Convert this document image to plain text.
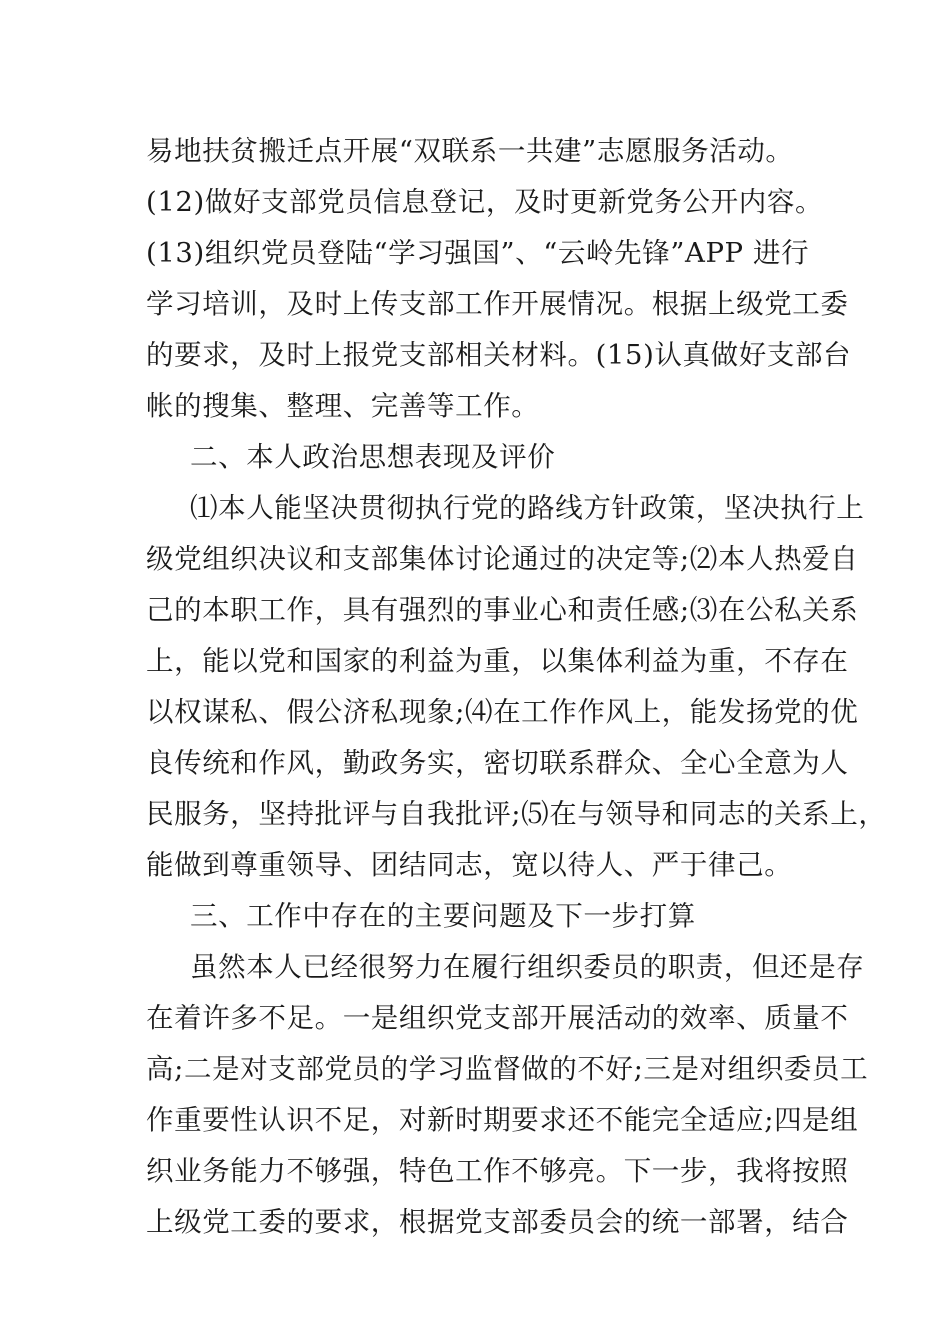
易地扶贫搬迁点开展“双联系一共建”志愿服务活动。
(12)做好支部党员信息登记，及时更新党务公开内容。
(13)组织党员登陆“学习强国”、“云岭先锋”APP 进行
学习培训，及时上传支部工作开展情况。根据上级党工委
的要求，及时上报党支部相关材料。(15)认真做好支部台
帐的搜集、整理、完善等工作。
二、本人政治思想表现及评价
⑴本人能坚决贯彻执行党的路线方针政策，坚决执行上
级党组织决议和支部集体讨论通过的决定等;⑵本人热爱自
己的本职工作，具有强烈的事业心和责任感;⑶在公私关系
上，能以党和国家的利益为重，以集体利益为重，不存在
以权谋私、假公济私现象;⑷在工作作风上，能发扬党的优
良传统和作风，勤政务实，密切联系群众、全心全意为人
民服务，坚持批评与自我批评;⑸在与领导和同志的关系上，
能做到尊重领导、团结同志，宽以待人、严于律己。
三、工作中存在的主要问题及下一步打算
虽然本人已经很努力在履行组织委员的职责，但还是存
在着许多不足。一是组织党支部开展活动的效率、质量不
高;二是对支部党员的学习监督做的不好;三是对组织委员工
作重要性认识不足，对新时期要求还不能完全适应;四是组
织业务能力不够强，特色工作不够亮。下一步，我将按照
上级党工委的要求，根据党支部委员会的统一部署，结合
